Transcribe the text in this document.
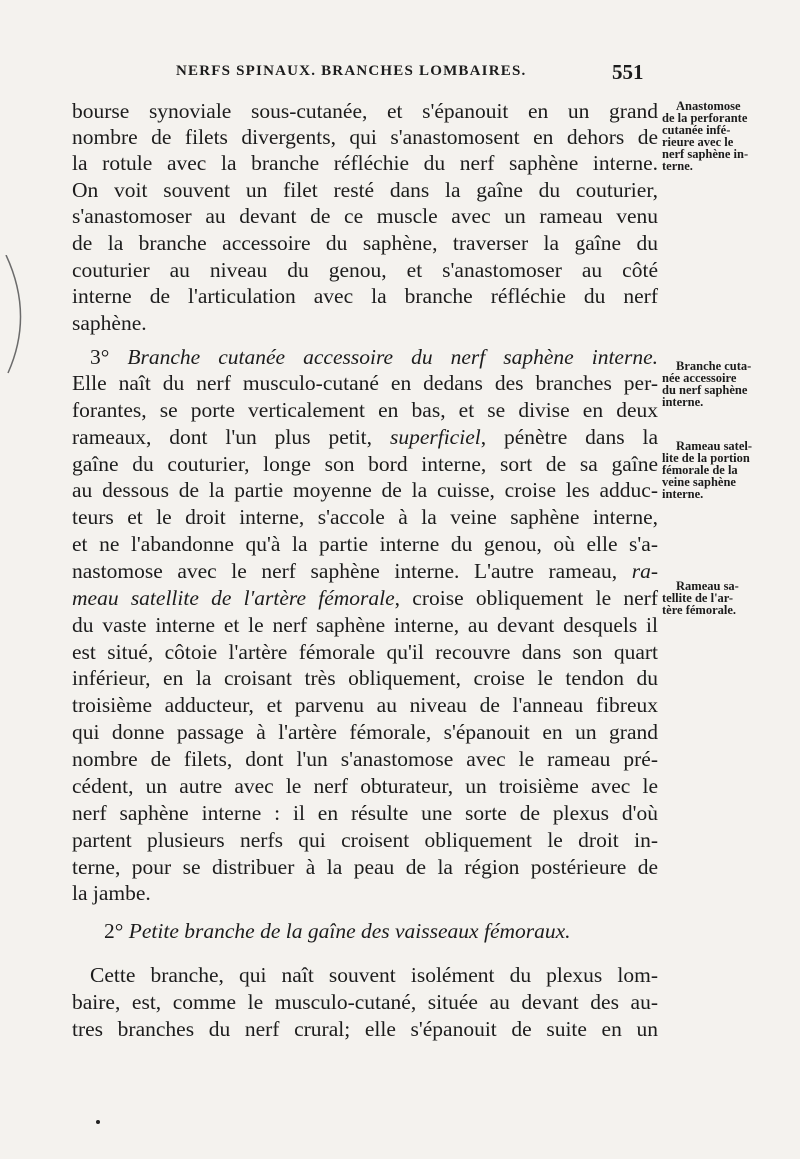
NERFS SPINAUX. BRANCHES LOMBAIRES.	551
bourse synoviale sous-cutanée, et s'épanouit en un grand
nombre de filets divergents, qui s'anastomosent en dehors de
la rotule avec la branche réfléchie du nerf saphène interne.
On voit souvent un filet resté dans la gaîne du couturier,
s'anastomoser au devant de ce muscle avec un rameau venu
de la branche accessoire du saphène, traverser la gaîne du
couturier au niveau du genou, et s'anastomoser au côté
interne de l'articulation avec la branche réfléchie du nerf
saphène.
3° Branche cutanée accessoire du nerf saphène interne.
Elle naît du nerf musculo-cutané en dedans des branches per-
forantes, se porte verticalement en bas, et se divise en deux
rameaux, dont l'un plus petit, superficiel, pénètre dans la
gaîne du couturier, longe son bord interne, sort de sa gaîne
au dessous de la partie moyenne de la cuisse, croise les adduc-
teurs et le droit interne, s'accole à la veine saphène interne,
et ne l'abandonne qu'à la partie interne du genou, où elle s'a-
nastomose avec le nerf saphène interne. L'autre rameau, ra-
meau satellite de l'artère fémorale, croise obliquement le nerf
du vaste interne et le nerf saphène interne, au devant desquels il
est situé, côtoie l'artère fémorale qu'il recouvre dans son quart
inférieur, en la croisant très obliquement, croise le tendon du
troisième adducteur, et parvenu au niveau de l'anneau fibreux
qui donne passage à l'artère fémorale, s'épanouit en un grand
nombre de filets, dont l'un s'anastomose avec le rameau pré-
cédent, un autre avec le nerf obturateur, un troisième avec le
nerf saphène interne : il en résulte une sorte de plexus d'où
partent plusieurs nerfs qui croisent obliquement le droit in-
terne, pour se distribuer à la peau de la région postérieure de
la jambe.
2° Petite branche de la gaîne des vaisseaux fémoraux.
Cette branche, qui naît souvent isolément du plexus lom-
baire, est, comme le musculo-cutané, située au devant des au-
tres branches du nerf crural; elle s'épanouit de suite en un
Anastomose
de la perforante
cutanée infé-
rieure avec le
nerf saphène in-
terne.
Branche cuta-
née accessoire
du nerf saphène
interne.
Rameau satel-
lite de la portion
fémorale de la
veine saphène
interne.
Rameau sa-
tellite de l'ar-
tère fémorale.
